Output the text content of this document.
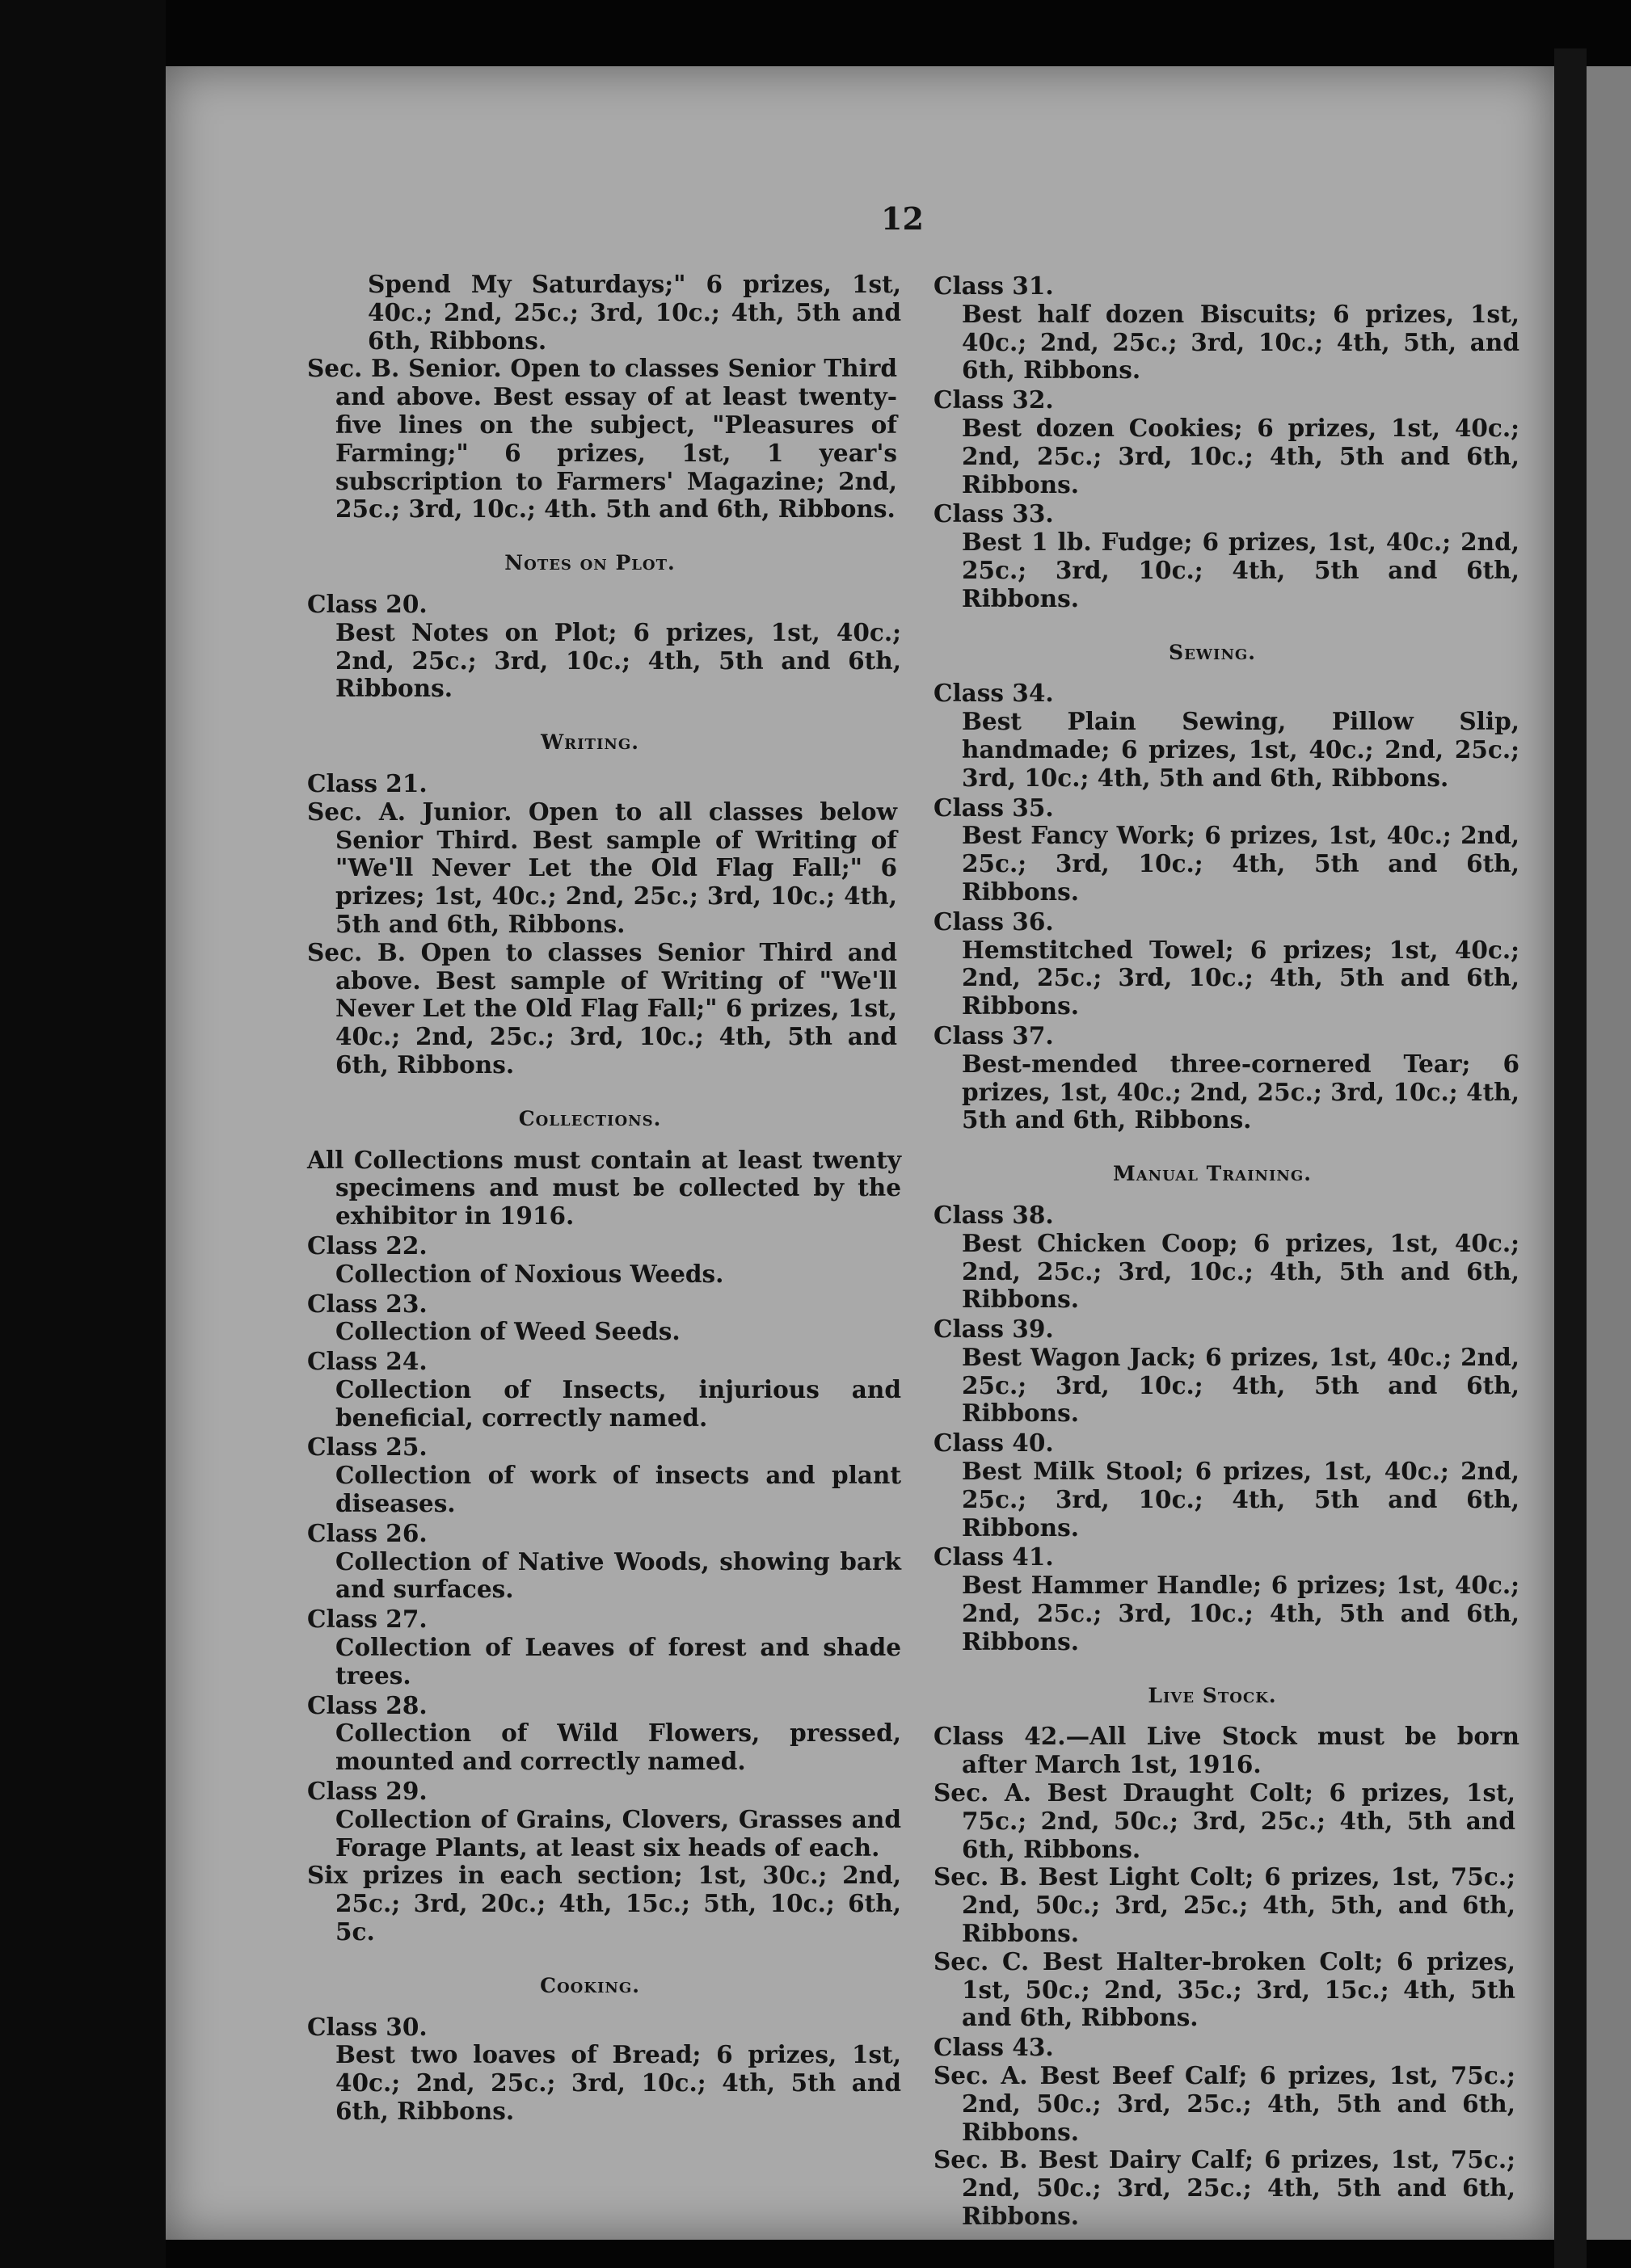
12
Spend My Saturdays;" 6 prizes, 1st, 40c.; 2nd, 25c.; 3rd, 10c.; 4th, 5th and 6th, Ribbons.
Sec. B. Senior. Open to classes Senior Third and above. Best essay of at least twenty-five lines on the subject, "Pleasures of Farming;" 6 prizes, 1st, 1 year's subscription to Farmers' Magazine; 2nd, 25c.; 3rd, 10c.; 4th. 5th and 6th, Ribbons.
Notes on Plot.
Class 20.
Best Notes on Plot; 6 prizes, 1st, 40c.; 2nd, 25c.; 3rd, 10c.; 4th, 5th and 6th, Ribbons.
Writing.
Class 21.
Sec. A. Junior. Open to all classes below Senior Third. Best sample of Writing of "We'll Never Let the Old Flag Fall;" 6 prizes; 1st, 40c.; 2nd, 25c.; 3rd, 10c.; 4th, 5th and 6th, Ribbons.
Sec. B. Open to classes Senior Third and above. Best sample of Writing of "We'll Never Let the Old Flag Fall;" 6 prizes, 1st, 40c.; 2nd, 25c.; 3rd, 10c.; 4th, 5th and 6th, Ribbons.
Collections.
All Collections must contain at least twenty specimens and must be collected by the exhibitor in 1916.
Class 22.
Collection of Noxious Weeds.
Class 23.
Collection of Weed Seeds.
Class 24.
Collection of Insects, injurious and beneficial, correctly named.
Class 25.
Collection of work of insects and plant diseases.
Class 26.
Collection of Native Woods, showing bark and surfaces.
Class 27.
Collection of Leaves of forest and shade trees.
Class 28.
Collection of Wild Flowers, pressed, mounted and correctly named.
Class 29.
Collection of Grains, Clovers, Grasses and Forage Plants, at least six heads of each.
Six prizes in each section; 1st, 30c.; 2nd, 25c.; 3rd, 20c.; 4th, 15c.; 5th, 10c.; 6th, 5c.
Cooking.
Class 30.
Best two loaves of Bread; 6 prizes, 1st, 40c.; 2nd, 25c.; 3rd, 10c.; 4th, 5th and 6th, Ribbons.
Class 31.
Best half dozen Biscuits; 6 prizes, 1st, 40c.; 2nd, 25c.; 3rd, 10c.; 4th, 5th, and 6th, Ribbons.
Class 32.
Best dozen Cookies; 6 prizes, 1st, 40c.; 2nd, 25c.; 3rd, 10c.; 4th, 5th and 6th, Ribbons.
Class 33.
Best 1 lb. Fudge; 6 prizes, 1st, 40c.; 2nd, 25c.; 3rd, 10c.; 4th, 5th and 6th, Ribbons.
Sewing.
Class 34.
Best Plain Sewing, Pillow Slip, handmade; 6 prizes, 1st, 40c.; 2nd, 25c.; 3rd, 10c.; 4th, 5th and 6th, Ribbons.
Class 35.
Best Fancy Work; 6 prizes, 1st, 40c.; 2nd, 25c.; 3rd, 10c.; 4th, 5th and 6th, Ribbons.
Class 36.
Hemstitched Towel; 6 prizes; 1st, 40c.; 2nd, 25c.; 3rd, 10c.; 4th, 5th and 6th, Ribbons.
Class 37.
Best-mended three-cornered Tear; 6 prizes, 1st, 40c.; 2nd, 25c.; 3rd, 10c.; 4th, 5th and 6th, Ribbons.
Manual Training.
Class 38.
Best Chicken Coop; 6 prizes, 1st, 40c.; 2nd, 25c.; 3rd, 10c.; 4th, 5th and 6th, Ribbons.
Class 39.
Best Wagon Jack; 6 prizes, 1st, 40c.; 2nd, 25c.; 3rd, 10c.; 4th, 5th and 6th, Ribbons.
Class 40.
Best Milk Stool; 6 prizes, 1st, 40c.; 2nd, 25c.; 3rd, 10c.; 4th, 5th and 6th, Ribbons.
Class 41.
Best Hammer Handle; 6 prizes; 1st, 40c.; 2nd, 25c.; 3rd, 10c.; 4th, 5th and 6th, Ribbons.
Live Stock.
Class 42.—All Live Stock must be born after March 1st, 1916.
Sec. A. Best Draught Colt; 6 prizes, 1st, 75c.; 2nd, 50c.; 3rd, 25c.; 4th, 5th and 6th, Ribbons.
Sec. B. Best Light Colt; 6 prizes, 1st, 75c.; 2nd, 50c.; 3rd, 25c.; 4th, 5th, and 6th, Ribbons.
Sec. C. Best Halter-broken Colt; 6 prizes, 1st, 50c.; 2nd, 35c.; 3rd, 15c.; 4th, 5th and 6th, Ribbons.
Class 43.
Sec. A. Best Beef Calf; 6 prizes, 1st, 75c.; 2nd, 50c.; 3rd, 25c.; 4th, 5th and 6th, Ribbons.
Sec. B. Best Dairy Calf; 6 prizes, 1st, 75c.; 2nd, 50c.; 3rd, 25c.; 4th, 5th and 6th, Ribbons.
